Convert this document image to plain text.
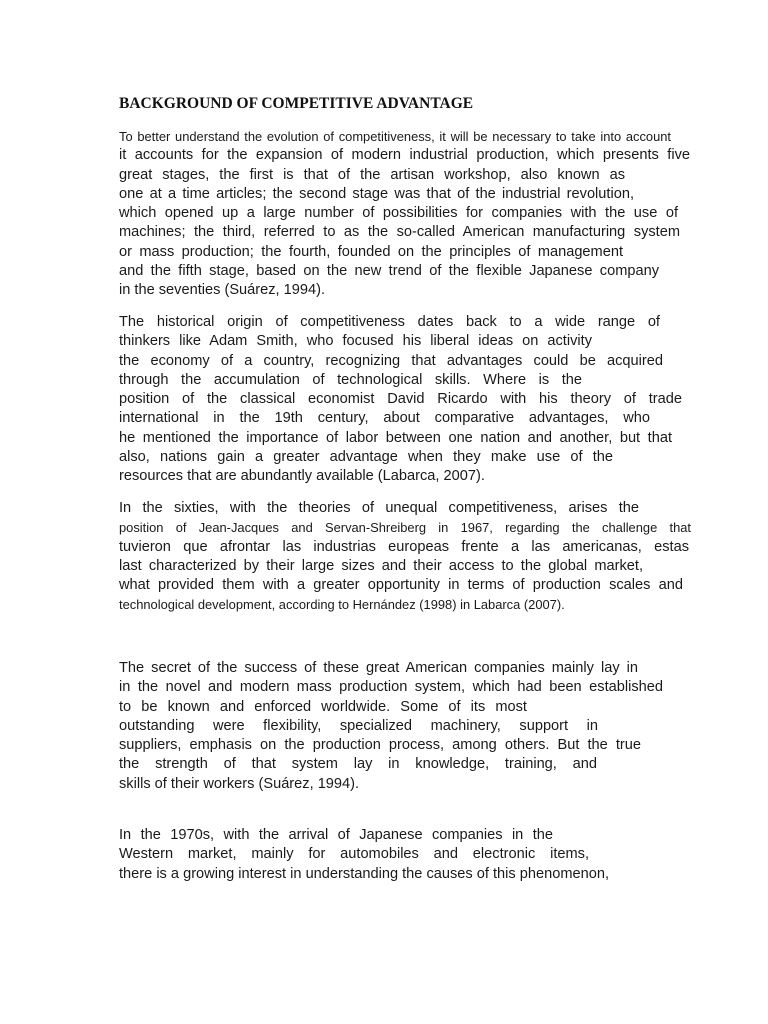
BACKGROUND OF COMPETITIVE ADVANTAGE
To better understand the evolution of competitiveness, it will be necessary to take into account
it accounts for the expansion of modern industrial production, which presents five
great stages, the first is that of the artisan workshop, also known as
one at a time articles; the second stage was that of the industrial revolution,
which opened up a large number of possibilities for companies with the use of
machines; the third, referred to as the so-called American manufacturing system
or mass production; the fourth, founded on the principles of management
and the fifth stage, based on the new trend of the flexible Japanese company
in the seventies (Suárez, 1994).
The historical origin of competitiveness dates back to a wide range of
thinkers like Adam Smith, who focused his liberal ideas on activity
the economy of a country, recognizing that advantages could be acquired
through the accumulation of technological skills. Where is the
position of the classical economist David Ricardo with his theory of trade
international in the 19th century, about comparative advantages, who
he mentioned the importance of labor between one nation and another, but that
also, nations gain a greater advantage when they make use of the
resources that are abundantly available (Labarca, 2007).
In the sixties, with the theories of unequal competitiveness, arises the
position of Jean-Jacques and Servan-Shreiberg in 1967, regarding the challenge that
tuvieron que afrontar las industrias europeas frente a las americanas, estas
last characterized by their large sizes and their access to the global market,
what provided them with a greater opportunity in terms of production scales and
technological development, according to Hernández (1998) in Labarca (2007).
The secret of the success of these great American companies mainly lay in
in the novel and modern mass production system, which had been established
to be known and enforced worldwide. Some of its most
outstanding were flexibility, specialized machinery, support in
suppliers, emphasis on the production process, among others. But the true
the strength of that system lay in knowledge, training, and
skills of their workers (Suárez, 1994).
In the 1970s, with the arrival of Japanese companies in the
Western market, mainly for automobiles and electronic items,
there is a growing interest in understanding the causes of this phenomenon,
